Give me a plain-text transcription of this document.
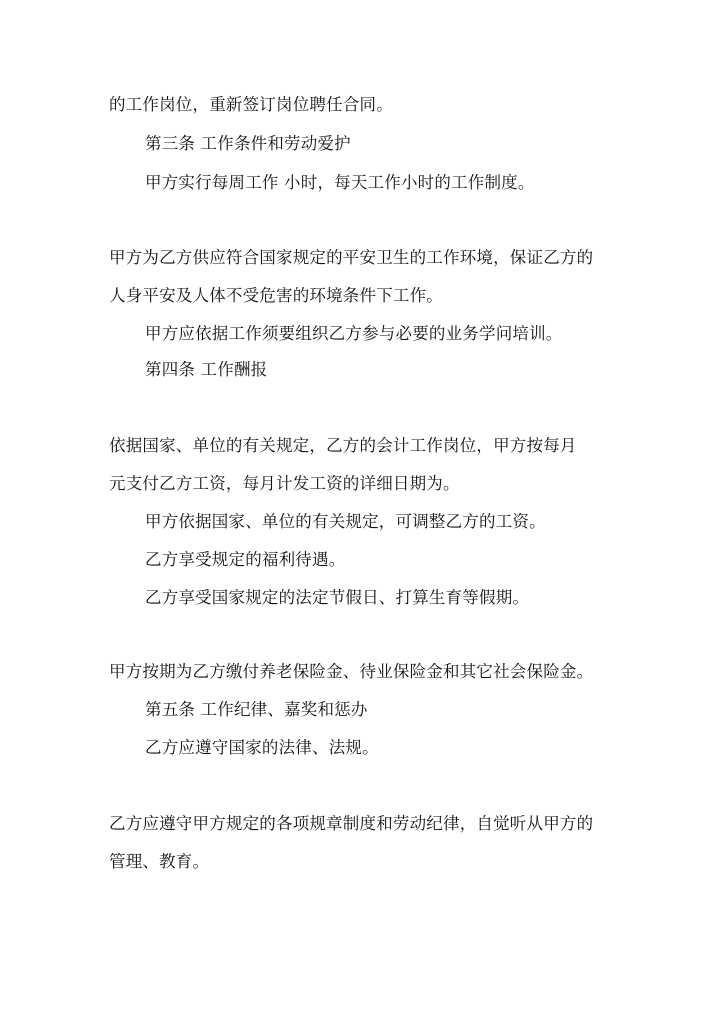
的工作岗位，重新签订岗位聘任合同。
第三条 工作条件和劳动爱护
甲方实行每周工作 小时，每天工作小时的工作制度。
甲方为乙方供应符合国家规定的平安卫生的工作环境，保证乙方的
人身平安及人体不受危害的环境条件下工作。
甲方应依据工作须要组织乙方参与必要的业务学问培训。
第四条 工作酬报
依据国家、单位的有关规定，乙方的会计工作岗位，甲方按每月
元支付乙方工资，每月计发工资的详细日期为。
甲方依据国家、单位的有关规定，可调整乙方的工资。
乙方享受规定的福利待遇。
乙方享受国家规定的法定节假日、打算生育等假期。
甲方按期为乙方缴付养老保险金、待业保险金和其它社会保险金。
第五条 工作纪律、嘉奖和惩办
乙方应遵守国家的法律、法规。
乙方应遵守甲方规定的各项规章制度和劳动纪律，自觉听从甲方的
管理、教育。
